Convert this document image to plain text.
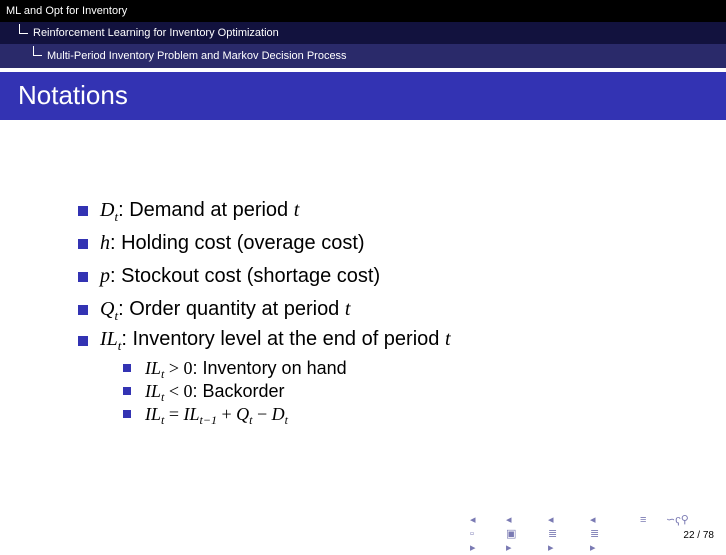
ML and Opt for Inventory
Reinforcement Learning for Inventory Optimization
Multi-Period Inventory Problem and Markov Decision Process
Notations
$D_t$: Demand at period t
h: Holding cost (overage cost)
p: Stockout cost (shortage cost)
$Q_t$: Order quantity at period t
$IL_t$: Inventory level at the end of period t
$IL_t > 0$: Inventory on hand
$IL_t < 0$: Backorder
$IL_t = IL_{t-1} + Q_t - D_t$
◂ ▫ ▸
◂ ▣ ▸
◂ ≣ ▸
◂ ≣ ▸
≡ ∽ҁ⚲
22 / 78
